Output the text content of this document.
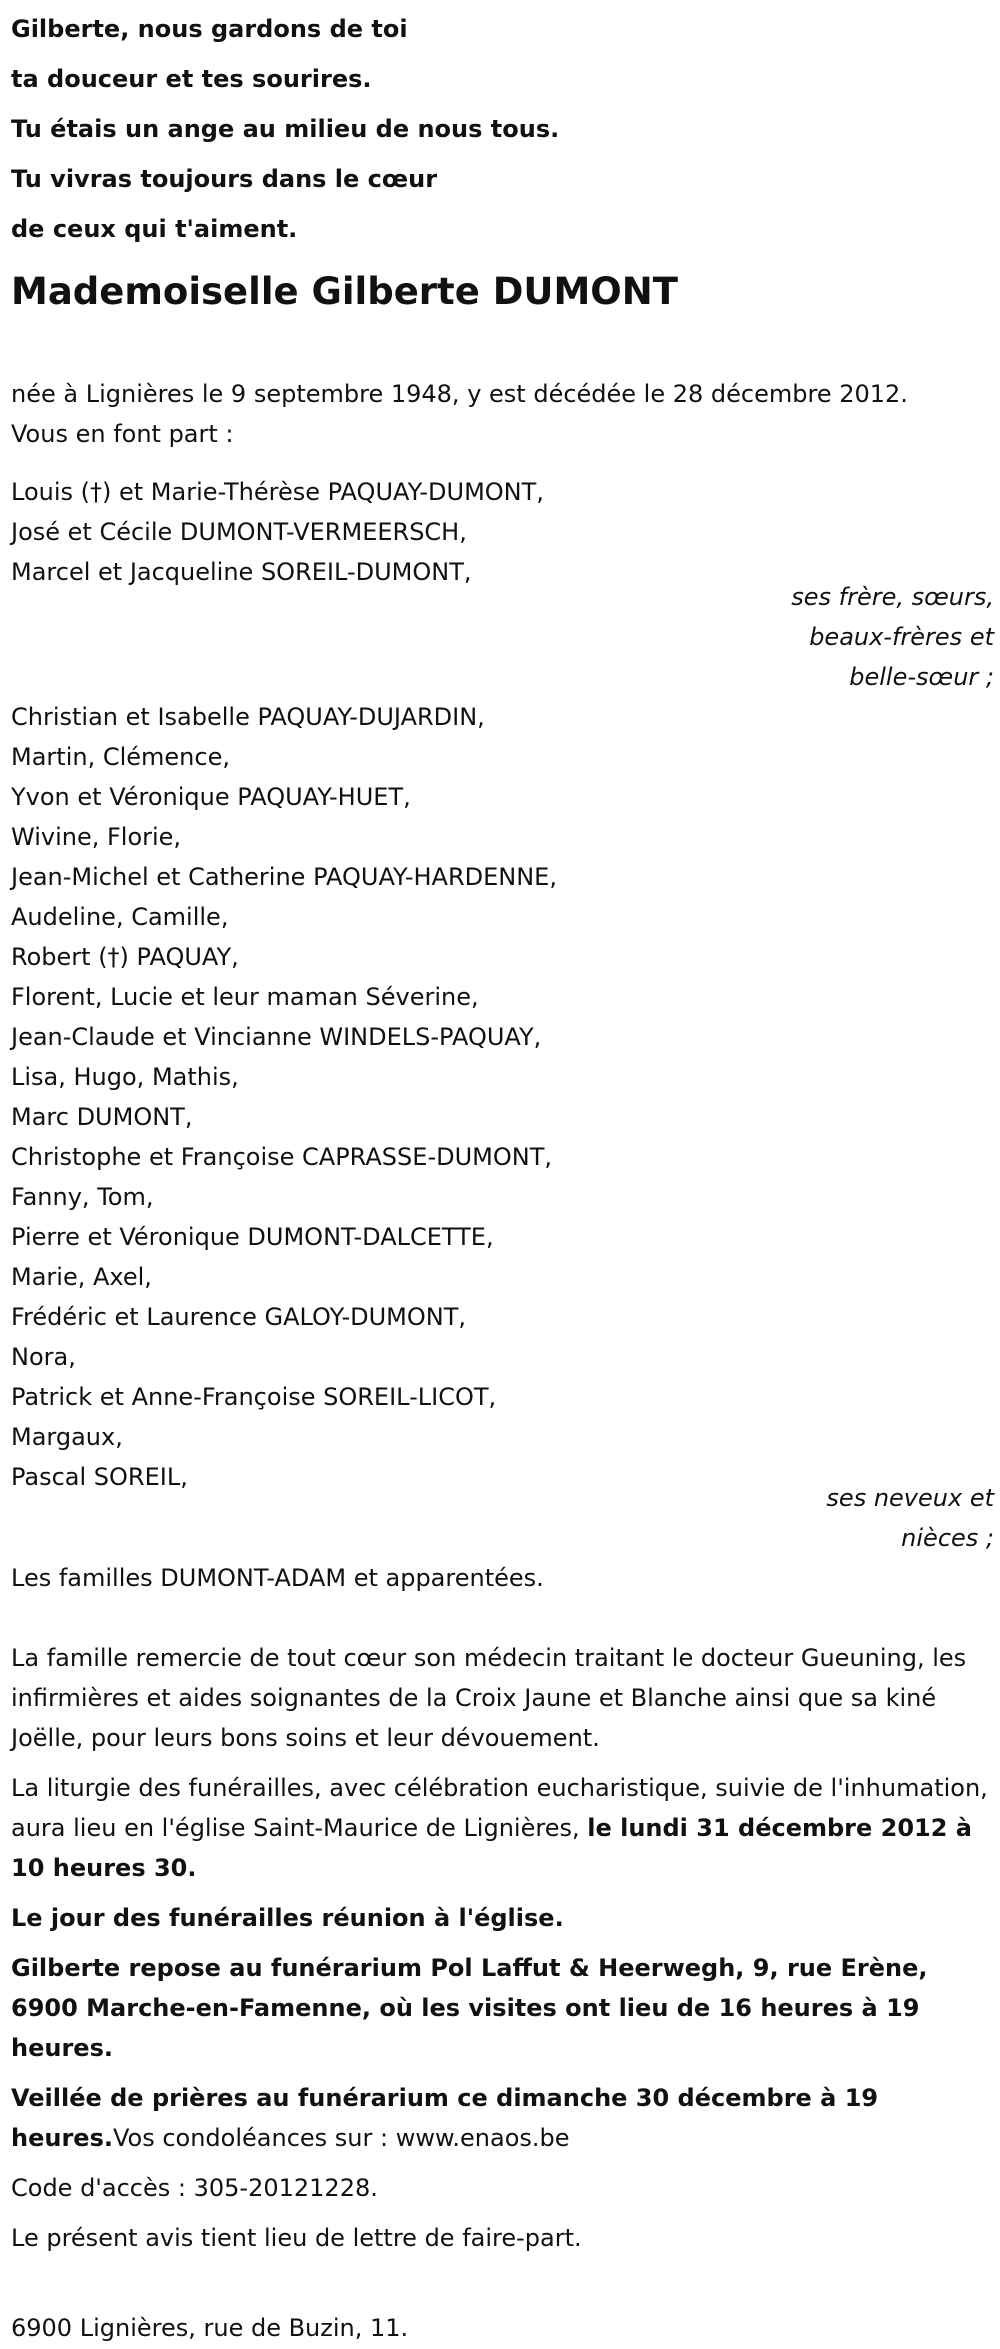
Gilberte, nous gardons de toi

ta douceur et tes sourires.

Tu étais un ange au milieu de nous tous.

Tu vivras toujours dans le cœur

de ceux qui t'aiment.

Mademoiselle Gilberte DUMONT

née à Lignières le 9 septembre 1948, y est décédée le 28 décembre 2012.

Vous en font part :

Louis (†) et Marie-Thérèse PAQUAY-DUMONT,

José et Cécile DUMONT-VERMEERSCH,

Marcel et Jacqueline SOREIL-DUMONT,

ses frère, sœurs,

beaux-frères et

belle-sœur ;

Christian et Isabelle PAQUAY-DUJARDIN,

Martin, Clémence,

Yvon et Véronique PAQUAY-HUET,

Wivine, Florie,

Jean-Michel et Catherine PAQUAY-HARDENNE,

Audeline, Camille,

Robert (†) PAQUAY,

Florent, Lucie et leur maman Séverine,

Jean-Claude et Vincianne WINDELS-PAQUAY,

Lisa, Hugo, Mathis,

Marc DUMONT,

Christophe et Françoise CAPRASSE-DUMONT,

Fanny, Tom,

Pierre et Véronique DUMONT-DALCETTE,

Marie, Axel,

Frédéric et Laurence GALOY-DUMONT,

Nora,

Patrick et Anne-Françoise SOREIL-LICOT,

Margaux,

Pascal SOREIL,

ses neveux et

nièces ;

Les familles DUMONT-ADAM et apparentées.

La famille remercie de tout cœur son médecin traitant le docteur Gueuning, les infirmières et aides soignantes de la Croix Jaune et Blanche ainsi que sa kiné Joëlle, pour leurs bons soins et leur dévouement.

La liturgie des funérailles, avec célébration eucharistique, suivie de l'inhumation, aura lieu en l'église Saint-Maurice de Lignières, le lundi 31 décembre 2012 à 10 heures 30.

Le jour des funérailles réunion à l'église.

Gilberte repose au funérarium Pol Laffut & Heerwegh, 9, rue Erène, 6900 Marche-en-Famenne, où les visites ont lieu de 16 heures à 19 heures.

Veillée de prières au funérarium ce dimanche 30 décembre à 19 heures.Vos condoléances sur : www.enaos.be

Code d'accès : 305-20121228.

Le présent avis tient lieu de lettre de faire-part.

6900 Lignières, rue de Buzin, 11.
